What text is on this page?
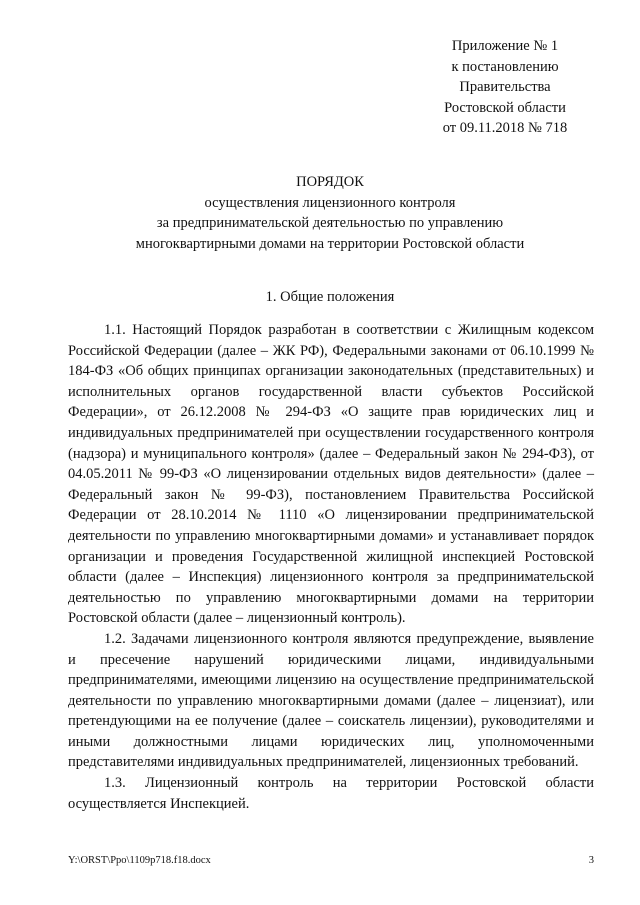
Приложение № 1
к постановлению
Правительства
Ростовской области
от 09.11.2018 № 718
ПОРЯДОК
осуществления лицензионного контроля
за предпринимательской деятельностью по управлению
многоквартирными домами на территории Ростовской области
1. Общие положения

1.1. Настоящий Порядок разработан в соответствии с Жилищным кодексом Российской Федерации (далее – ЖК РФ), Федеральными законами от 06.10.1999 № 184-ФЗ «Об общих принципах организации законодательных (представительных) и исполнительных органов государственной власти субъектов Российской Федерации», от 26.12.2008 № 294-ФЗ «О защите прав юридических лиц и индивидуальных предпринимателей при осуществлении государственного контроля (надзора) и муниципального контроля» (далее – Федеральный закон № 294-ФЗ), от 04.05.2011 № 99-ФЗ «О лицензировании отдельных видов деятельности» (далее – Федеральный закон № 99-ФЗ), постановлением Правительства Российской Федерации от 28.10.2014 № 1110 «О лицензировании предпринимательской деятельности по управлению многоквартирными домами» и устанавливает порядок организации и проведения Государственной жилищной инспекцией Ростовской области (далее – Инспекция) лицензионного контроля за предпринимательской деятельностью по управлению многоквартирными домами на территории Ростовской области (далее – лицензионный контроль).

1.2. Задачами лицензионного контроля являются предупреждение, выявление и пресечение нарушений юридическими лицами, индивидуальными предпринимателями, имеющими лицензию на осуществление предпринимательской деятельности по управлению многоквартирными домами (далее – лицензиат), или претендующими на ее получение (далее – соискатель лицензии), руководителями и иными должностными лицами юридических лиц, уполномоченными представителями индивидуальных предпринимателей, лицензионных требований.

1.3. Лицензионный контроль на территории Ростовской области осуществляется Инспекцией.

Y:\ORST\Ppo\1109p718.f18.docx	3
